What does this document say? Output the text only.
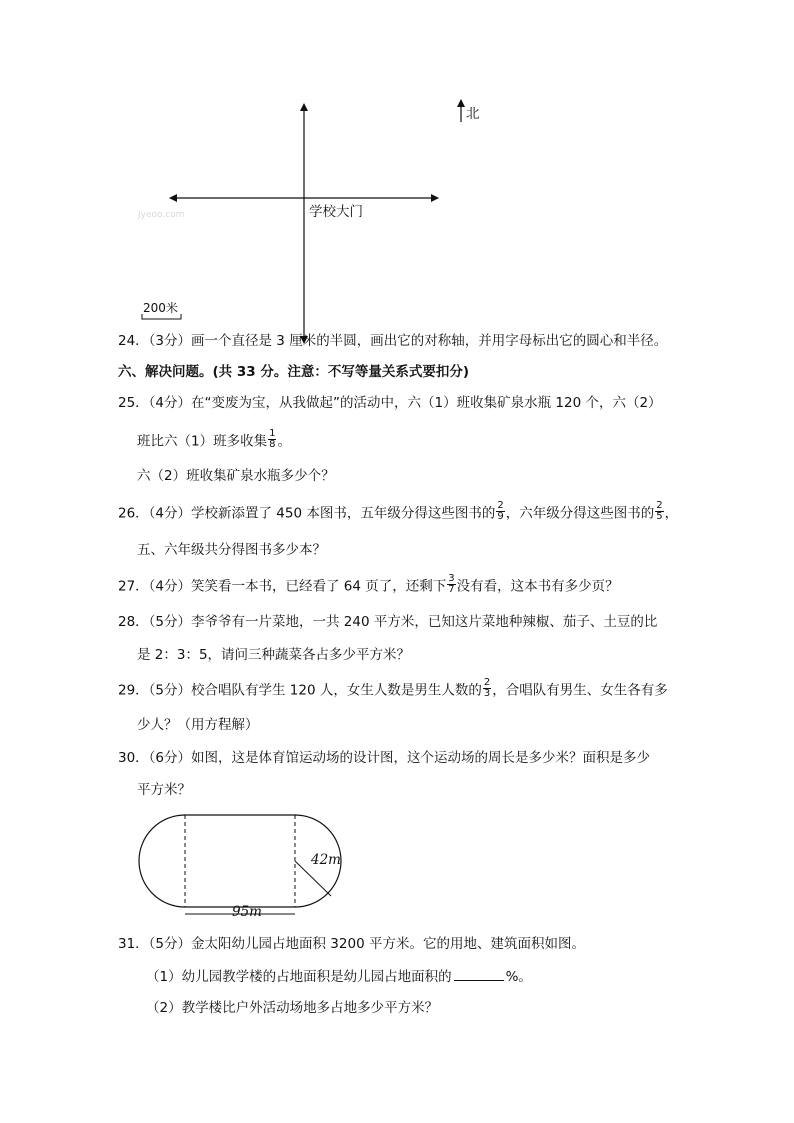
北
学校大门
200米
Jyeoo.com
24．（3分）画一个直径是 3 厘米的半圆，画出它的对称轴，并用字母标出它的圆心和半径。
六、解决问题。(共 33 分。注意：不写等量关系式要扣分)
25．（4分）在“变废为宝，从我做起”的活动中，六（1）班收集矿泉水瓶 120 个，六（2）
班比六（1）班多收集 $\frac{1}{8}$ 。
六（2）班收集矿泉水瓶多少个？
26．（4分）学校新添置了 450 本图书，五年级分得这些图书的 $\frac{2}{9}$ ，六年级分得这些图书的 $\frac{2}{5}$ ，
五、六年级共分得图书多少本？
27．（4分）笑笑看一本书，已经看了 64 页了，还剩下 $\frac{3}{7}$ 没有看，这本书有多少页？
28．（5分）李爷爷有一片菜地，一共 240 平方米，已知这片菜地种辣椒、茄子、土豆的比
是 2：3：5，请问三种蔬菜各占多少平方米？
29．（5分）校合唱队有学生 120 人，女生人数是男生人数的 $\frac{2}{3}$ ，合唱队有男生、女生各有多
少人？（用方程解）
30．（6分）如图，这是体育馆运动场的设计图，这个运动场的周长是多少米？面积是多少
平方米？
42m
95m
31．（5分）金太阳幼儿园占地面积 3200 平方米。它的用地、建筑面积如图。
（1）幼儿园教学楼的占地面积是幼儿园占地面积的	%。
（2）教学楼比户外活动场地多占地多少平方米？
